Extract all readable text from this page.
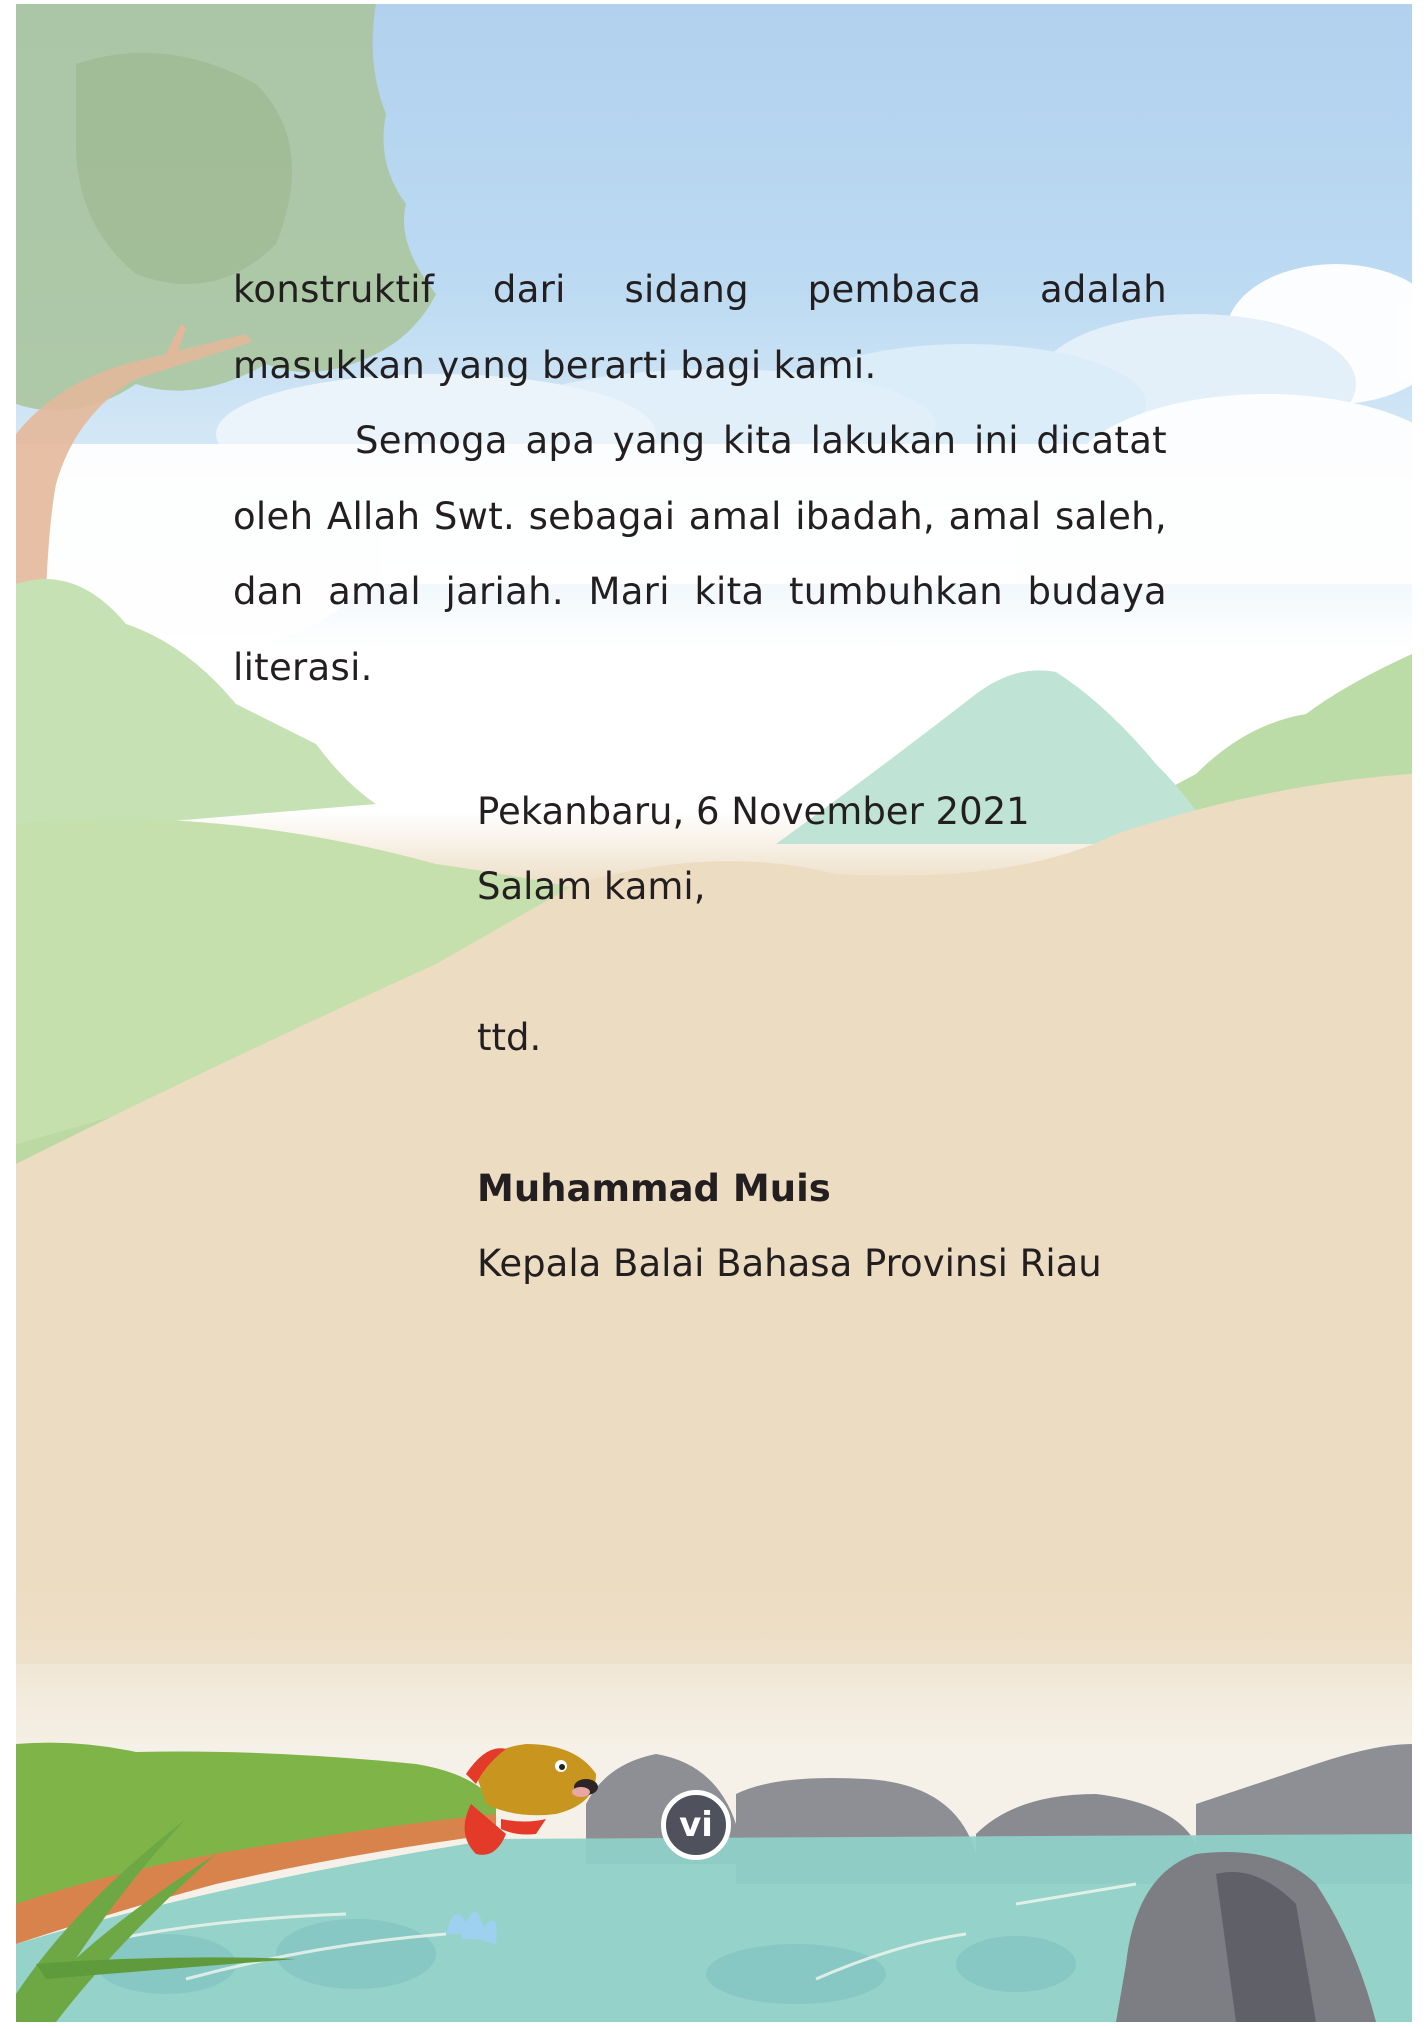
konstruktif dari sidang pembaca adalah

masukkan yang berarti bagi kami.

Semoga apa yang kita lakukan ini dicatat

oleh Allah Swt. sebagai amal ibadah, amal saleh,

dan amal jariah. Mari kita tumbuhkan budaya

literasi.

Pekanbaru, 6 November 2021
Salam kami,
ttd.
Muhammad Muis
Kepala Balai Bahasa Provinsi Riau
vi
